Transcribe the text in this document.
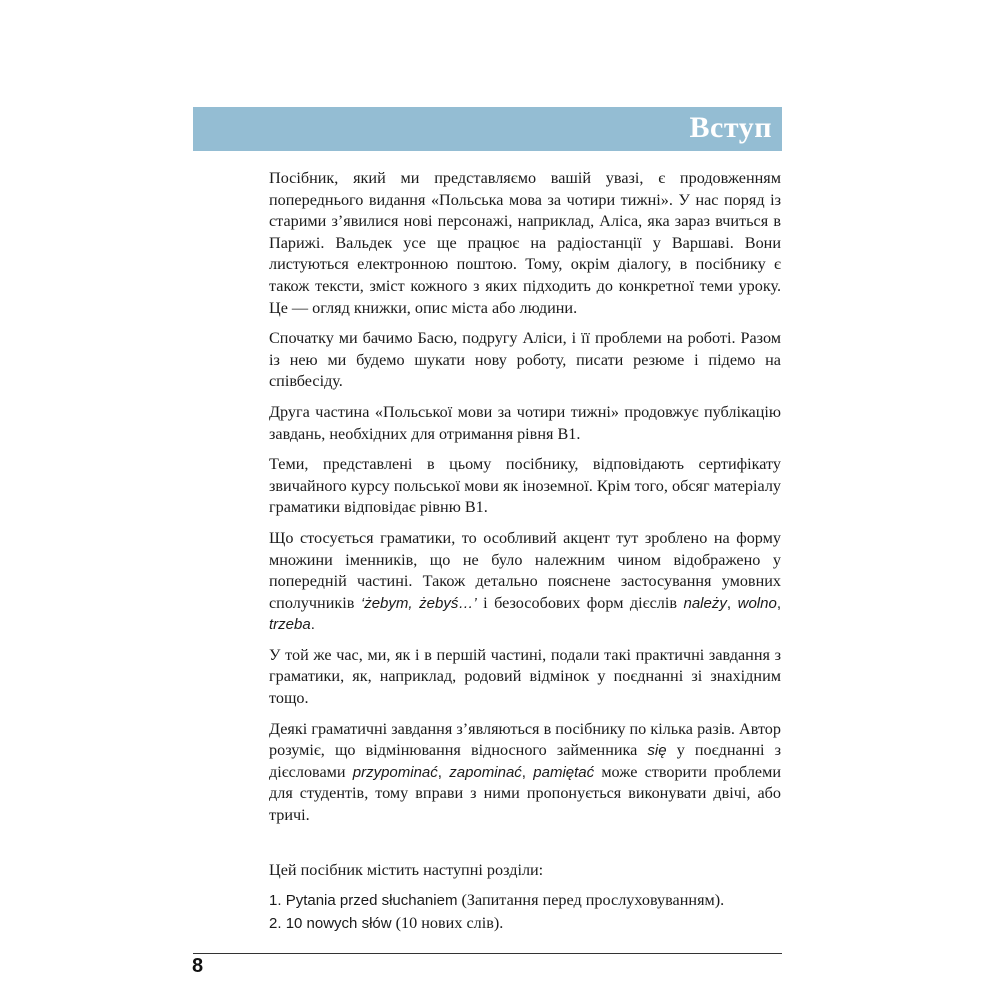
Вступ

Посібник, який ми представляємо вашій увазі, є продовженням попереднього видання «Польська мова за чотири тижні». У нас поряд із старими з’явилися нові персонажі, наприклад, Аліса, яка зараз вчиться в Парижі. Вальдек усе ще працює на радіостанції у Варшаві. Вони листуються електронною поштою. Тому, окрім діалогу, в посібнику є також тексти, зміст кожного з яких підходить до конкретної теми уроку. Це — огляд книжки, опис міста або людини.

Спочатку ми бачимо Басю, подругу Аліси, і її проблеми на роботі. Разом із нею ми будемо шукати нову роботу, писати резюме і підемо на співбесіду.

Друга частина «Польської мови за чотири тижні» продовжує публікацію завдань, необхідних для отримання рівня В1.

Теми, представлені в цьому посібнику, відповідають сертифікату звичайного курсу польської мови як іноземної. Крім того, обсяг матеріалу граматики відповідає рівню В1.

Що стосується граматики, то особливий акцент тут зроблено на форму множини іменників, що не було належним чином відображено у попередній частині. Також детально пояснене застосування умовних сполучників ‘żebym, żebyś…’ і безособових форм дієслів należy, wolno, trzeba.

У той же час, ми, як і в першій частині, подали такі практичні завдання з граматики, як, наприклад, родовий відмінок у поєднанні зі знахідним тощо.

Деякі граматичні завдання з’являються в посібнику по кілька разів. Автор розуміє, що відмінювання відносного займенника się у поєднанні з дієсловами przypominać, zapominać, pamiętać може створити проблеми для студентів, тому вправи з ними пропонується виконувати двічі, або тричі.

Цей посібник містить наступні розділи:
1. Pytania przed słuchaniem (Запитання перед прослуховуванням).
2. 10 nowych słów (10 нових слів).
8
